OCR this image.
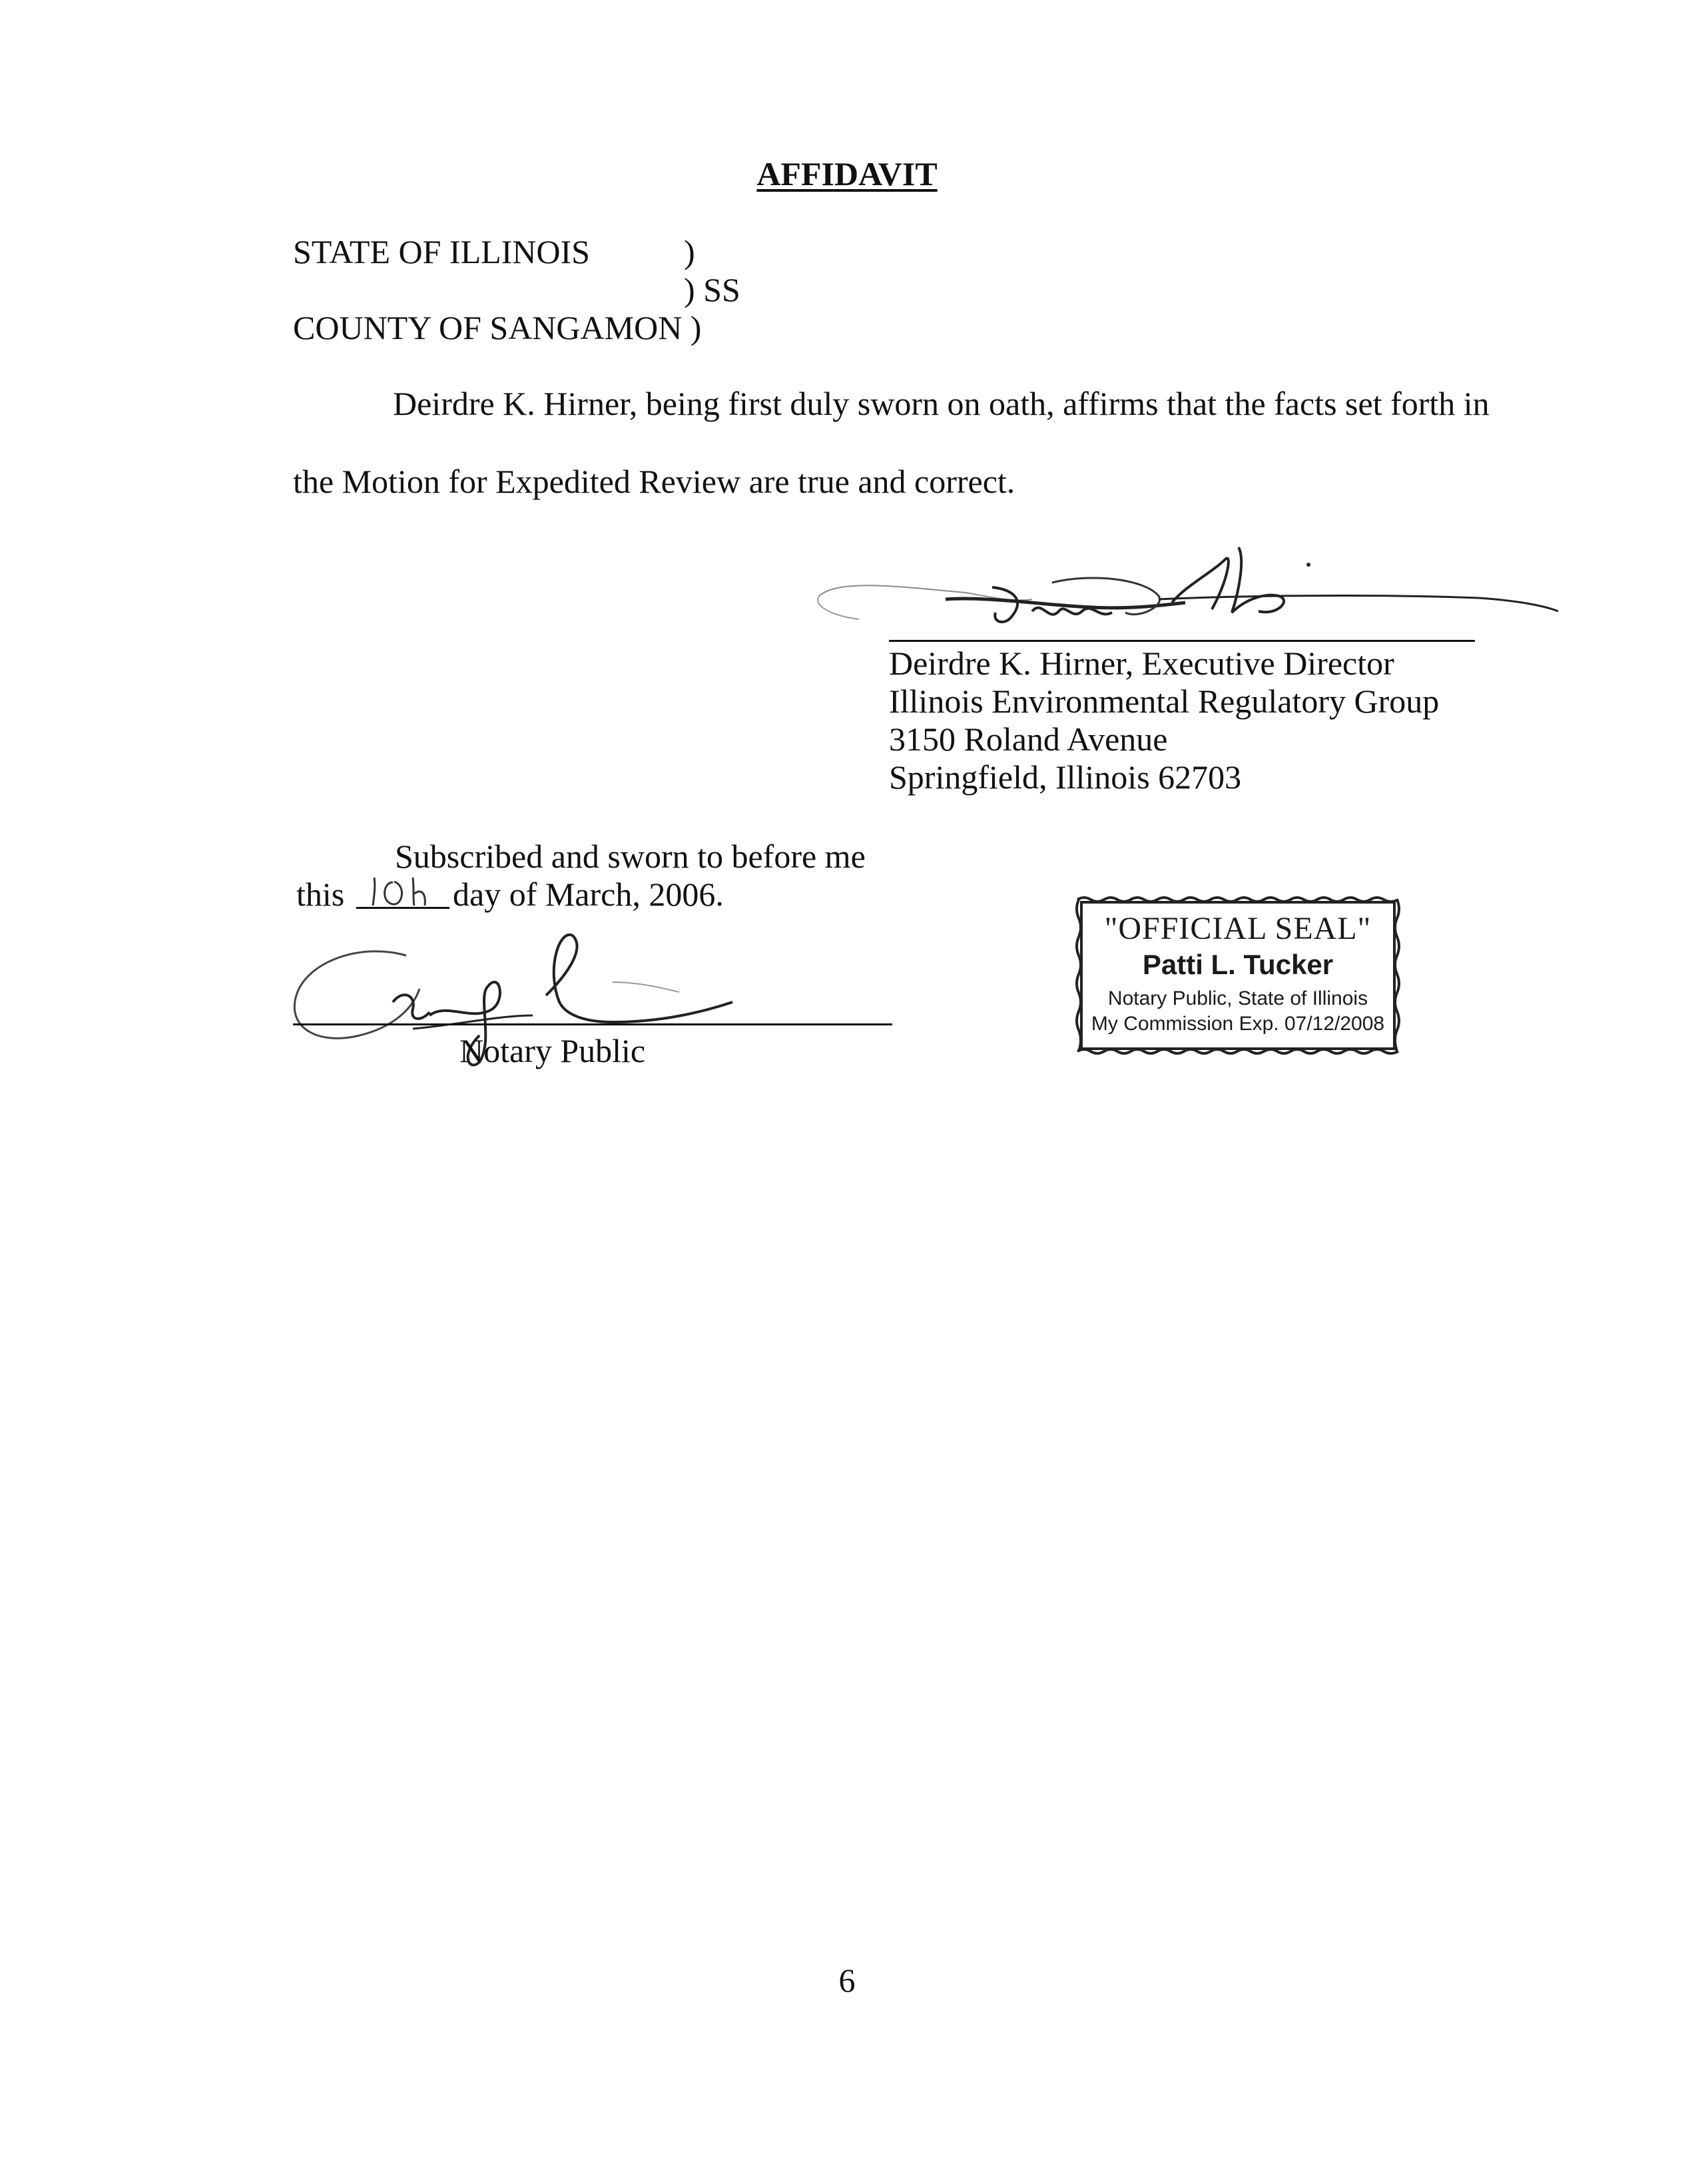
AFFIDAVIT
STATE OF ILLINOIS	)
) SS
COUNTY OF SANGAMON )
Deirdre K. Hirner, being first duly sworn on oath, affirms that the facts set forth in
the Motion for Expedited Review are true and correct.
Deirdre K. Hirner, Executive Director
Illinois Environmental Regulatory Group
3150 Roland Avenue
Springfield, Illinois 62703
Subscribed and sworn to before me
this	day of March, 2006.
Notary Public
"OFFICIAL SEAL"
Patti L. Tucker
Notary Public, State of Illinois
My Commission Exp. 07/12/2008
6
